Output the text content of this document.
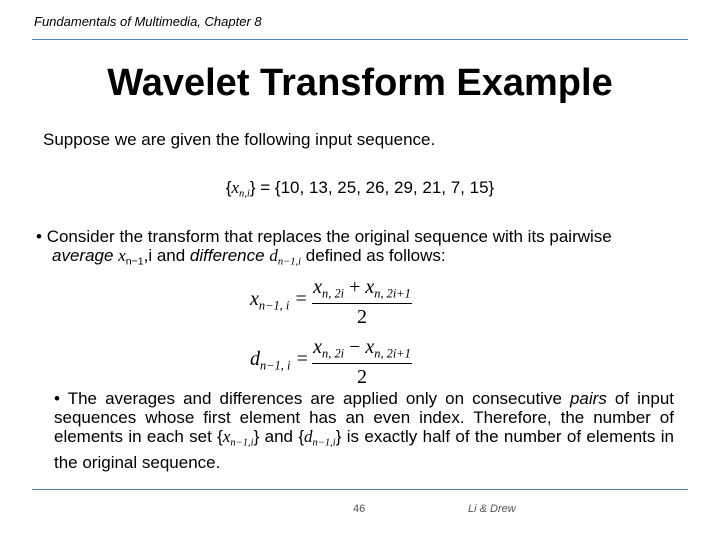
Fundamentals of Multimedia, Chapter 8
Wavelet Transform Example
Suppose we are given the following input sequence.
$\{x_{n,i}\} = \{10$, 13, 25, 26, 29, 21, 7, 15}
• Consider the transform that replaces the original sequence with its pairwise
average $x_{n-1},i$ and difference $d_{n-1,i}$ defined as follows:
$x_{n-1, i}$ =
$x_{n, 2i} + x_{n, 2i+1}$
2
$d_{n-1, i}$ =
$x_{n, 2i} - x_{n, 2i+1}$
2
• The averages and differences are applied only on consecutive pairs of input sequences whose first element has an even index. Therefore, the number of elements in each set $\{x_{n-1,i}\}$ and $\{d_{n-1,i}\}$ is exactly half of the number of elements in the original sequence.
46	Li & Drew
